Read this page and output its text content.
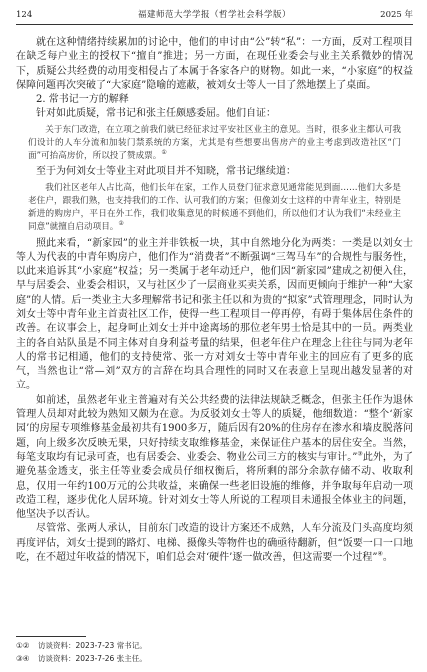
124	福建师范大学学报（哲学社会科学版）	2025 年

就在这种情绪持续累加的讨论中，他们的申讨由“公”转“私”：一方面，反对工程项目在缺乏每户业主的授权下“擅自”推进；另一方面，在现任业委会与业主关系微妙的情况下，质疑公共经费的动用变相侵占了本属于各家各户的财物。如此一来，“小家庭”的权益保障问题再次突破了“大家庭”隐喻的遮蔽，被刘女士等人一目了然地摆上了桌面。

2. 常书记一方的解释

针对如此质疑，常书记和张主任颇感委屈。他们自证：

关于东门改造，在立项之前我们就已经征求过平安社区业主的意见。当时，很多业主都认可我们设计的人车分流和加装门禁系统的方案，尤其是有些想要出售房产的业主考虑到改造社区“门面”可抬高房价，所以投了赞成票。①

至于为何刘女士等业主对此项目并不知晓，常书记继续道：

我们社区老年人占比高，他们长年在家，工作人员登门征求意见通常能见到面……他们大多是老住户，跟我们熟，也支持我们的工作、认可我们的方案；但像刘女士这样的中青年业主，特别是新进的购房户，平日在外工作，我们收集意见的时候通不到他们，所以他们才认为我们“未经业主同意”就擅自启动项目。②

照此来看，“新家园”的业主并非铁板一块，其中自然地分化为两类：一类是以刘女士等人为代表的中青年购房户，他们作为“消费者”不断强调“三驾马车”的合规性与服务性，以此来追诉其“小家庭”权益；另一类属于老年动迁户，他们因“新家园”建成之初便入住，早与居委会、业委会相识，又与社区少了一层商业买卖关系，因而更倾向于维护一种“大家庭”的人情。后一类业主大多理解常书记和张主任以和为贵的“拟家”式管理理念，同时认为刘女士等中青年业主首责社区工作，使得一些工程项目一停再停，有碍于集体居住条件的改善。在议事会上，起身呵止刘女士并中途离场的那位老年男士恰是其中的一员。两类业主的各自站队虽是不同主体对自身利益考量的结果，但老年住户在理念上往往与同为老年人的常书记相通，他们的支持使常、张一方对刘女士等中青年业主的回应有了更多的底气，当然也让“常—刘”双方的言辞在均具合理性的同时又在表意上呈现出越发显著的对立。

如前述，虽然老年业主普遍对有关公共经费的法律法规缺乏概念，但张主任作为退休管理人员却对此较为熟知又颇为在意。为反驳刘女士等人的质疑，他细数道：“整个‘新家园’的房屋专项维修基金最初共有1900多万，随后因有20%的住房存在渗水和墙皮脱落问题，向上级多次反映无果，只好持续支取维修基金，来保证住户基本的居住安全。当然，每笔支取均有记录可查，也有居委会、业委会、物业公司三方的核实与审计。”③此外，为了避免基金透支，张主任等业委会成员仔细权衡后，将所剩的部分余款存储不动、收取利息，仅用一年约100万元的公共收益，来确保一些老旧设施的维修，并争取每年启动一项改造工程，逐步优化人居环境。针对刘女士等人所说的工程项目未通报全体业主的问题，他坚决予以否认。

尽管常、张两人承认，目前东门改造的设计方案还不成熟，人车分流及门头高度均须再度评估，刘女士提到的路灯、电梯、摄像头等物件也的确亟待翻新，但“饭要一口一口地吃，在不超过年收益的情况下，咱们总会对‘硬件’逐一做改善，但这需要一个过程”④。

①② 访谈资料：2023-7-23 常书记。
③④ 访谈资料：2023-7-26 张主任。
